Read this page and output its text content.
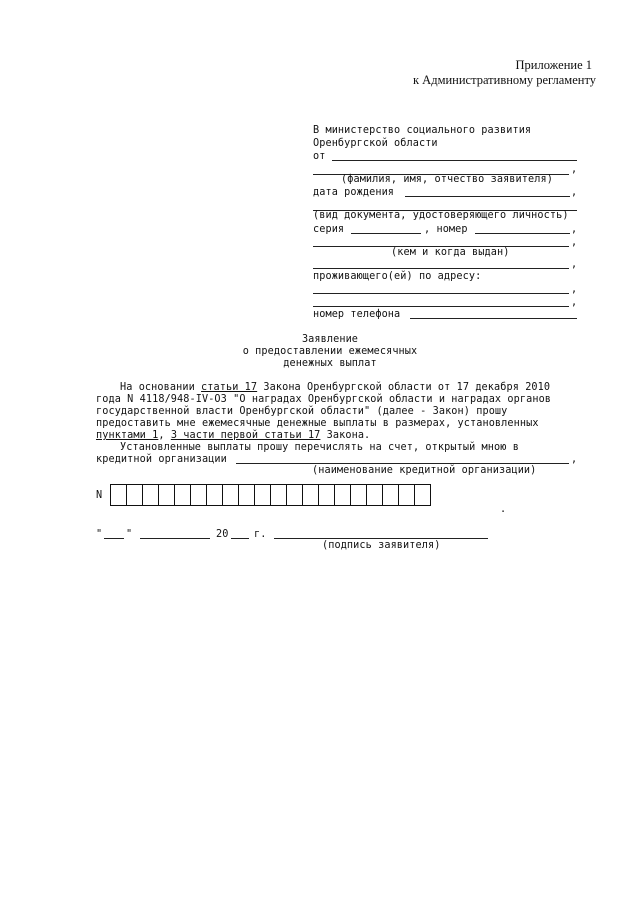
Приложение 1
к Административному регламенту
В министерство социального развития
Оренбургской области
от
,
(фамилия, имя, отчество заявителя)
дата рождения	,
(вид документа, удостоверяющего личность)
серия	, номер	,
,
(кем и когда выдан)
,
проживающего(ей) по адресу:
,
,
номер телефона
Заявление
о предоставлении ежемесячных
денежных выплат
На основании статьи 17 Закона Оренбургской области от 17 декабря 2010
года N 4118/948-IV-ОЗ "О наградах Оренбургской области и наградах органов
государственной власти Оренбургской области" (далее - Закон) прошу
предоставить мне ежемесячные денежные выплаты в размерах, установленных
пунктами 1, 3 части первой статьи 17 Закона.
Установленные выплаты прошу перечислять на счет, открытый мною в
кредитной организации	,
(наименование кредитной организации)
N
.
" "	20	г.
(подпись заявителя)
